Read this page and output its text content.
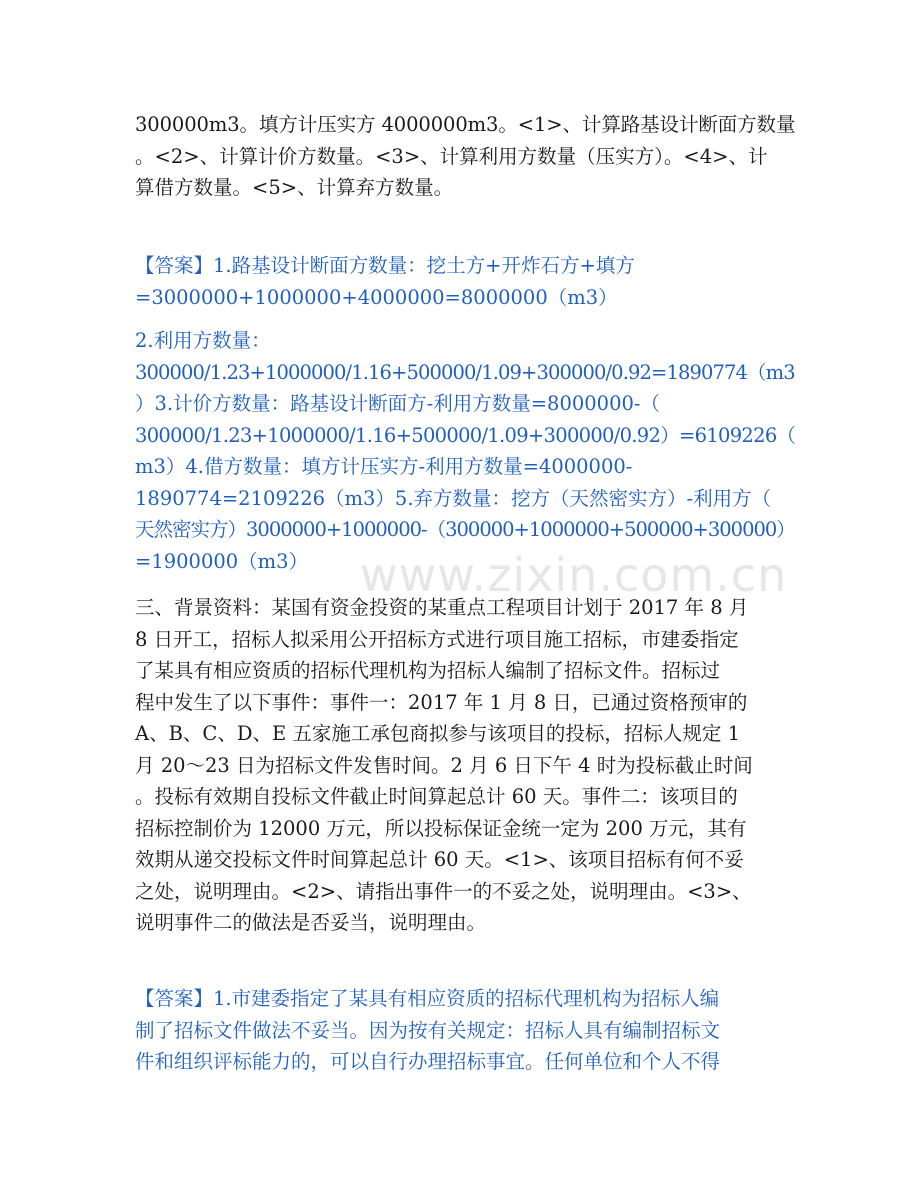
www.zixin.com.cn
300000m3。填方计压实方 4000000m3。<1>、计算路基设计断面方数量
。<2>、计算计价方数量。<3>、计算利用方数量（压实方）。<4>、计
算借方数量。<5>、计算弃方数量。
【答案】1.路基设计断面方数量：挖土方+开炸石方+填方
=3000000+1000000+4000000=8000000（m3）
2.利用方数量：
300000/1.23+1000000/1.16+500000/1.09+300000/0.92=1890774（m3
）3.计价方数量：路基设计断面方-利用方数量=8000000-（
300000/1.23+1000000/1.16+500000/1.09+300000/0.92）=6109226（
m3）4.借方数量：填方计压实方-利用方数量=4000000-
1890774=2109226（m3）5.弃方数量：挖方（天然密实方）-利用方（
天然密实方）3000000+1000000-（300000+1000000+500000+300000）
=1900000（m3）
三、背景资料：某国有资金投资的某重点工程项目计划于 2017 年 8 月
8 日开工，招标人拟采用公开招标方式进行项目施工招标，市建委指定
了某具有相应资质的招标代理机构为招标人编制了招标文件。招标过
程中发生了以下事件：事件一：2017 年 1 月 8 日，已通过资格预审的
A、B、C、D、E 五家施工承包商拟参与该项目的投标，招标人规定 1
月 20～23 日为招标文件发售时间。2 月 6 日下午 4 时为投标截止时间
。投标有效期自投标文件截止时间算起总计 60 天。事件二：该项目的
招标控制价为 12000 万元，所以投标保证金统一定为 200 万元，其有
效期从递交投标文件时间算起总计 60 天。<1>、该项目招标有何不妥
之处，说明理由。<2>、请指出事件一的不妥之处，说明理由。<3>、
说明事件二的做法是否妥当，说明理由。
【答案】1.市建委指定了某具有相应资质的招标代理机构为招标人编
制了招标文件做法不妥当。因为按有关规定：招标人具有编制招标文
件和组织评标能力的，可以自行办理招标事宜。任何单位和个人不得
